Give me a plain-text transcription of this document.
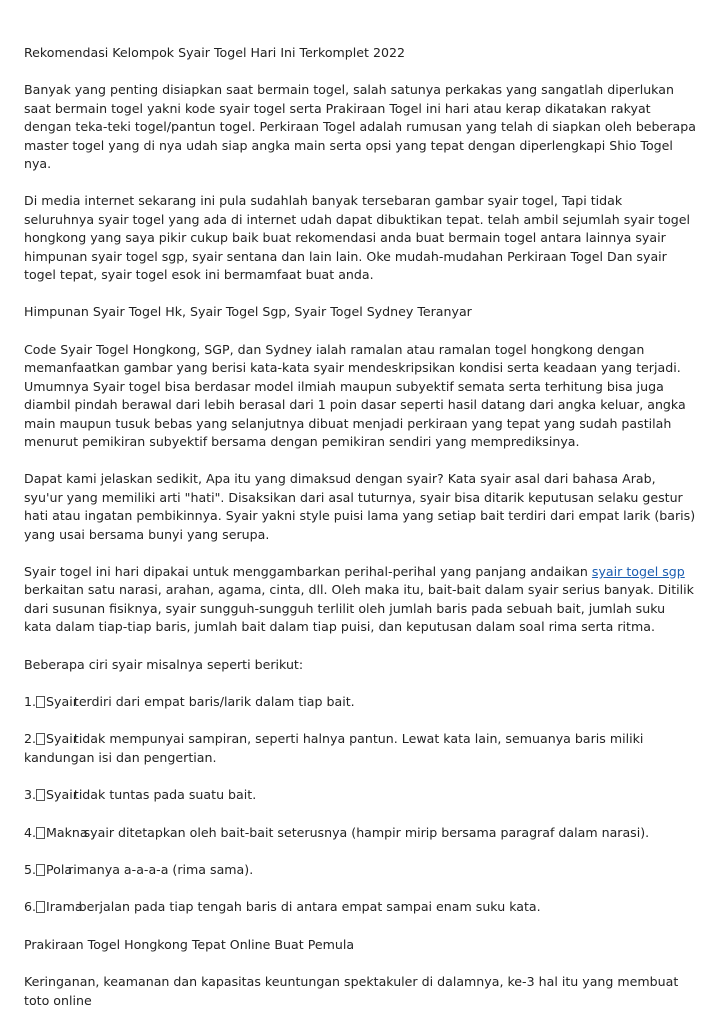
Rekomendasi Kelompok Syair Togel Hari Ini Terkomplet 2022

Banyak yang penting disiapkan saat bermain togel, salah satunya perkakas yang sangatlah diperlukan saat bermain togel yakni kode syair togel serta Prakiraan Togel ini hari atau kerap dikatakan rakyat dengan teka-teki togel/pantun togel. Perkiraan Togel adalah rumusan yang telah di siapkan oleh beberapa master togel yang di nya udah siap angka main serta opsi yang tepat dengan diperlengkapi Shio Togel nya.

Di media internet sekarang ini pula sudahlah banyak tersebaran gambar syair togel, Tapi tidak seluruhnya syair togel yang ada di internet udah dapat dibuktikan tepat. telah ambil sejumlah syair togel hongkong yang saya pikir cukup baik buat rekomendasi anda buat bermain togel antara lainnya syair himpunan syair togel sgp, syair sentana dan lain lain. Oke mudah-mudahan Perkiraan Togel Dan syair togel tepat, syair togel esok ini bermamfaat buat anda.

Himpunan Syair Togel Hk, Syair Togel Sgp, Syair Togel Sydney Teranyar

Code Syair Togel Hongkong, SGP, dan Sydney ialah ramalan atau ramalan togel hongkong dengan memanfaatkan gambar yang berisi kata-kata syair mendeskripsikan kondisi serta keadaan yang terjadi. Umumnya Syair togel bisa berdasar model ilmiah maupun subyektif semata serta terhitung bisa juga diambil pindah berawal dari lebih berasal dari 1 poin dasar seperti hasil datang dari angka keluar, angka main maupun tusuk bebas yang selanjutnya dibuat menjadi perkiraan yang tepat yang sudah pastilah menurut pemikiran subyektif bersama dengan pemikiran sendiri yang memprediksinya.

Dapat kami jelaskan sedikit, Apa itu yang dimaksud dengan syair? Kata syair asal dari bahasa Arab, syu'ur yang memiliki arti "hati". Disaksikan dari asal tuturnya, syair bisa ditarik keputusan selaku gestur hati atau ingatan pembikinnya. Syair yakni style puisi lama yang setiap bait terdiri dari empat larik (baris) yang usai bersama bunyi yang serupa.

Syair togel ini hari dipakai untuk menggambarkan perihal-perihal yang panjang andaikan syair togel sgp berkaitan satu narasi, arahan, agama, cinta, dll. Oleh maka itu, bait-bait dalam syair serius banyak. Ditilik dari susunan fisiknya, syair sungguh-sungguh terlilit oleh jumlah baris pada sebuah bait, jumlah suku kata dalam tiap-tiap baris, jumlah bait dalam tiap puisi, dan keputusan dalam soal rima serta ritma.

Beberapa ciri syair misalnya seperti berikut:

1. Syairterdiri dari empat baris/larik dalam tiap bait.

2. Syairtidak mempunyai sampiran, seperti halnya pantun. Lewat kata lain, semuanya baris miliki kandungan isi dan pengertian.

3. Syairtidak tuntas pada suatu bait.

4. Maknasyair ditetapkan oleh bait-bait seterusnya (hampir mirip bersama paragraf dalam narasi).

5. Polarimanya a-a-a-a (rima sama).

6. Iramaberjalan pada tiap tengah baris di antara empat sampai enam suku kata.

Prakiraan Togel Hongkong Tepat Online Buat Pemula

Keringanan, keamanan dan kapasitas keuntungan spektakuler di dalamnya, ke-3 hal itu yang membuat toto online
